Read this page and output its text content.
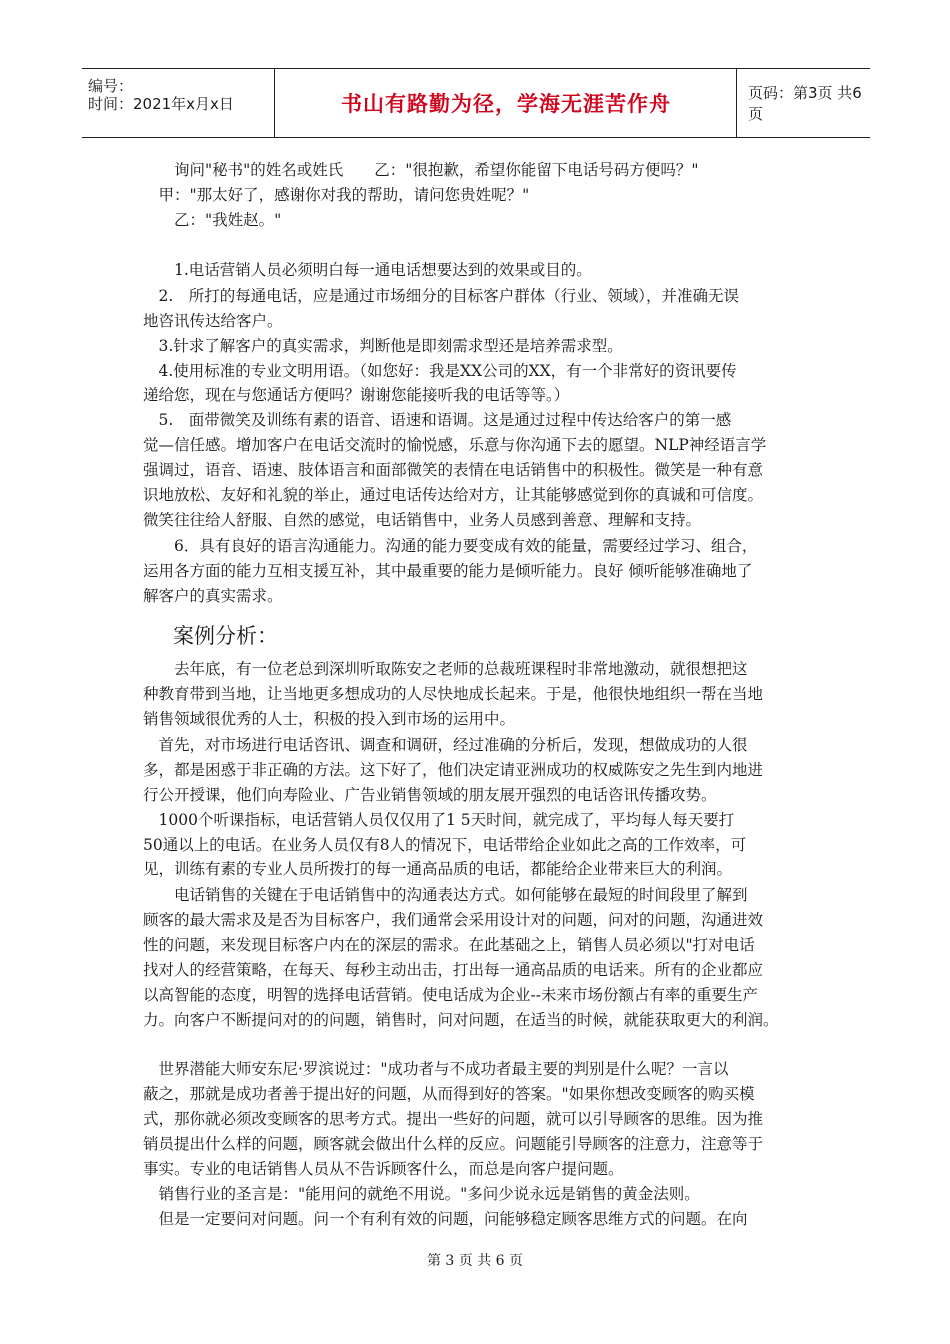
编号：
时间：2021年x月x日	书山有路勤为径，学海无涯苦作舟	页码：第3页 共6页
　　询问"秘书"的姓名或姓氏　　乙："很抱歉，希望你能留下电话号码方便吗？"
　甲："那太好了，感谢你对我的帮助，请问您贵姓呢？"
　　乙："我姓赵。"
　　1.电话营销人员必须明白每一通电话想要达到的效果或目的。
　2.　所打的每通电话，应是通过市场细分的目标客户群体（行业、领域），并准确无误
地咨讯传达给客户。
　3.针求了解客户的真实需求，判断他是即刻需求型还是培养需求型。
　4.使用标准的专业文明用语。（如您好：我是XX公司的XX，有一个非常好的资讯要传
递给您，现在与您通话方便吗？谢谢您能接听我的电话等等。）
　5.　面带微笑及训练有素的语音、语速和语调。这是通过过程中传达给客户的第一感
觉—信任感。增加客户在电话交流时的愉悦感，乐意与你沟通下去的愿望。NLP神经语言学
强调过，语音、语速、肢体语言和面部微笑的表情在电话销售中的积极性。微笑是一种有意
识地放松、友好和礼貌的举止，通过电话传达给对方，让其能够感觉到你的真诚和可信度。
微笑往往给人舒服、自然的感觉，电话销售中，业务人员感到善意、理解和支持。
　　6．具有良好的语言沟通能力。沟通的能力要变成有效的能量，需要经过学习、组合，
运用各方面的能力互相支援互补，其中最重要的能力是倾听能力。良好 倾听能够准确地了
解客户的真实需求。
案例分析：
　　去年底，有一位老总到深圳听取陈安之老师的总裁班课程时非常地激动，就很想把这
种教育带到当地，让当地更多想成功的人尽快地成长起来。于是，他很快地组织一帮在当地
销售领域很优秀的人士，积极的投入到市场的运用中。
　首先，对市场进行电话咨讯、调查和调研，经过准确的分析后，发现，想做成功的人很
多，都是困惑于非正确的方法。这下好了，他们决定请亚洲成功的权威陈安之先生到内地进
行公开授课，他们向寿险业、广告业销售领域的朋友展开强烈的电话咨讯传播攻势。
　1000个听课指标，电话营销人员仅仅用了1 5天时间，就完成了，平均每人每天要打
50通以上的电话。在业务人员仅有8人的情况下，电话带给企业如此之高的工作效率，可
见，训练有素的专业人员所拨打的每一通高品质的电话，都能给企业带来巨大的利润。
　　电话销售的关键在于电话销售中的沟通表达方式。如何能够在最短的时间段里了解到
顾客的最大需求及是否为目标客户，我们通常会采用设计对的问题，问对的问题，沟通进效
性的问题，来发现目标客户内在的深层的需求。在此基础之上，销售人员必须以"打对电话
找对人的经营策略，在每天、每秒主动出击，打出每一通高品质的电话来。所有的企业都应
以高智能的态度，明智的选择电话营销。使电话成为企业--未来市场份额占有率的重要生产
力。向客户不断提问对的的问题，销售时，问对问题，在适当的时候，就能获取更大的利润。
　世界潜能大师安东尼·罗滨说过："成功者与不成功者最主要的判别是什么呢？一言以
蔽之，那就是成功者善于提出好的问题，从而得到好的答案。"如果你想改变顾客的购买模
式，那你就必须改变顾客的思考方式。提出一些好的问题，就可以引导顾客的思维。因为推
销员提出什么样的问题，顾客就会做出什么样的反应。问题能引导顾客的注意力，注意等于
事实。专业的电话销售人员从不告诉顾客什么，而总是向客户提问题。
　销售行业的圣言是："能用问的就绝不用说。"多问少说永远是销售的黄金法则。
　但是一定要问对问题。问一个有利有效的问题，问能够稳定顾客思维方式的问题。在向
第 3 页 共 6 页
